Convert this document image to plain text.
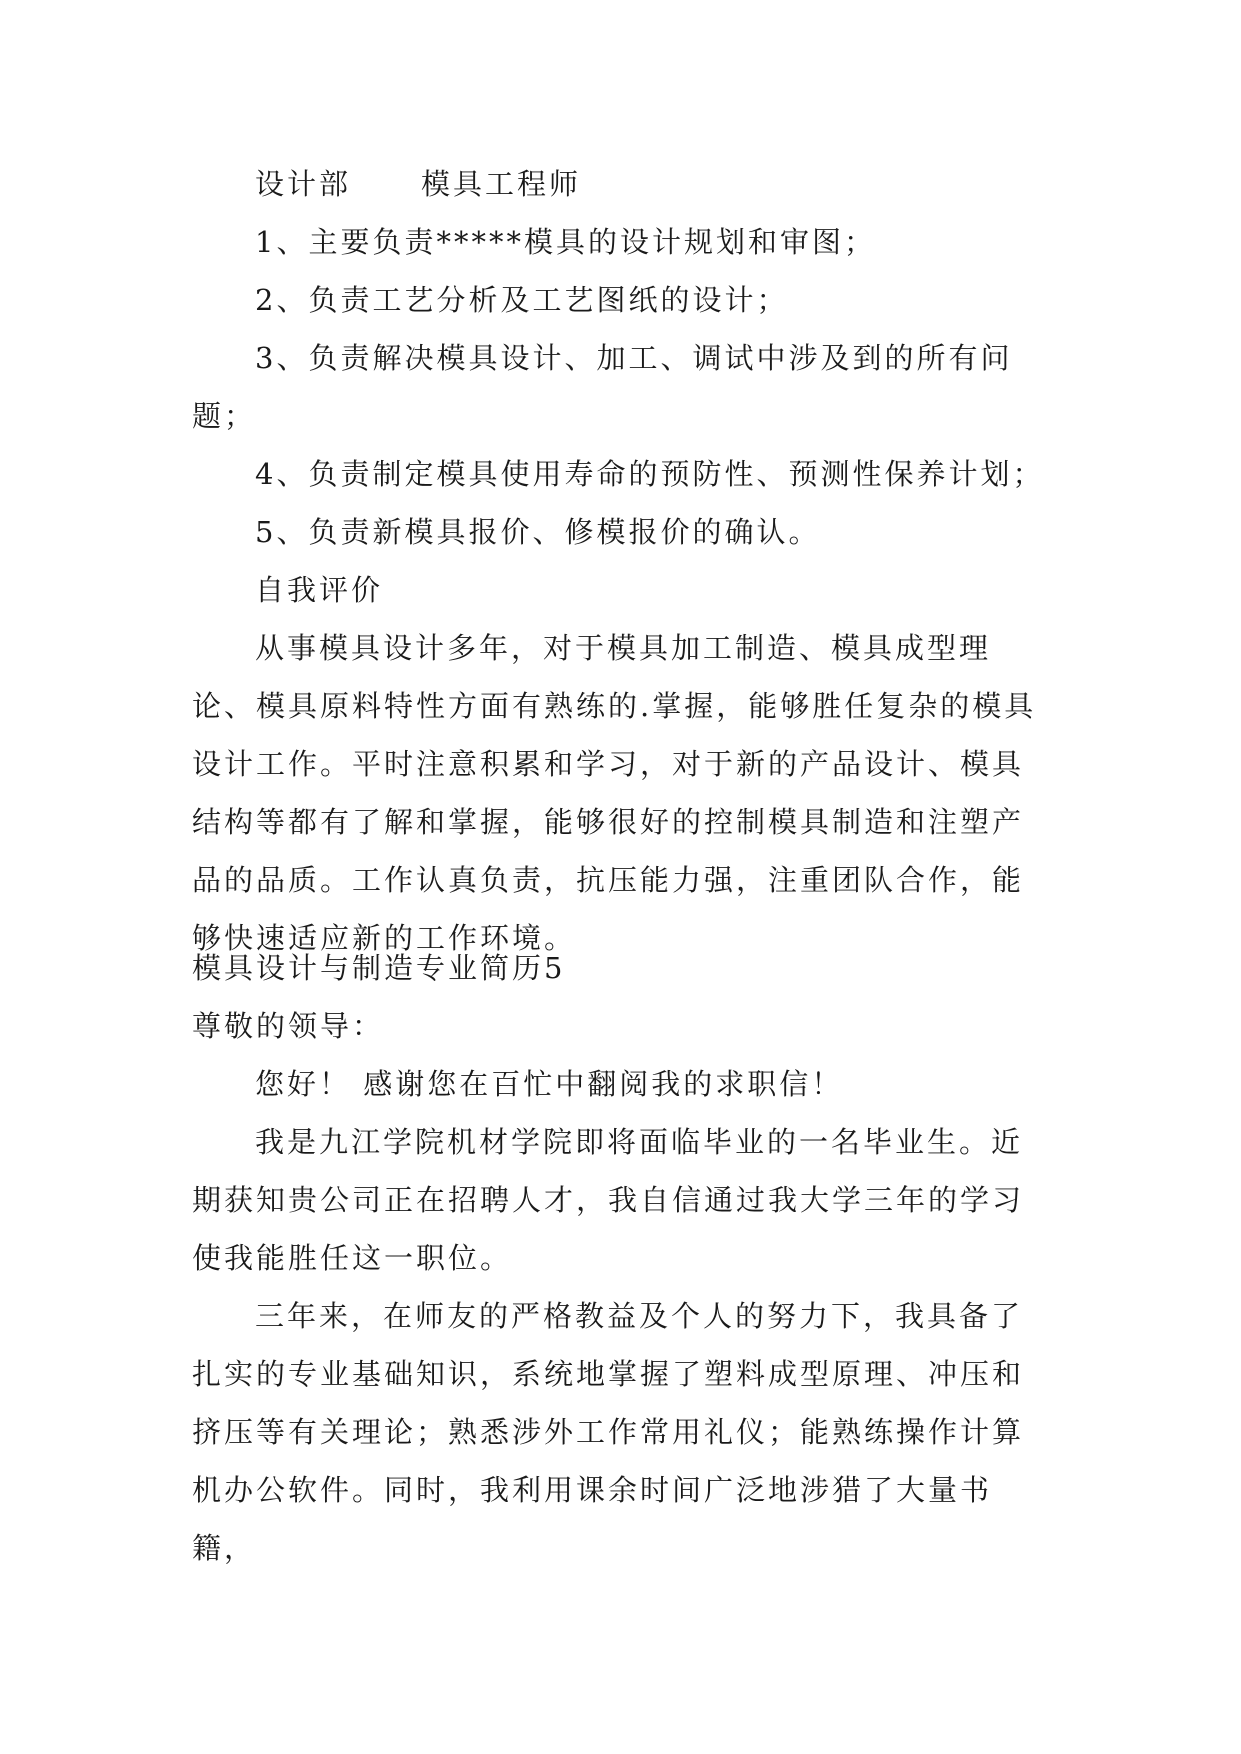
设计部 模具工程师
1、主要负责*****模具的设计规划和审图；
2、负责工艺分析及工艺图纸的设计；
3、负责解决模具设计、加工、调试中涉及到的所有问题；
4、负责制定模具使用寿命的预防性、预测性保养计划；
5、负责新模具报价、修模报价的确认。
自我评价
从事模具设计多年，对于模具加工制造、模具成型理论、模具原料特性方面有熟练的.掌握，能够胜任复杂的模具设计工作。平时注意积累和学习，对于新的产品设计、模具结构等都有了解和掌握，能够很好的控制模具制造和注塑产品的品质。工作认真负责，抗压能力强，注重团队合作，能够快速适应新的工作环境。
模具设计与制造专业简历5
尊敬的领导：
您好！ 感谢您在百忙中翻阅我的求职信！
我是九江学院机材学院即将面临毕业的一名毕业生。近期获知贵公司正在招聘人才，我自信通过我大学三年的学习使我能胜任这一职位。
三年来，在师友的严格教益及个人的努力下，我具备了扎实的专业基础知识，系统地掌握了塑料成型原理、冲压和挤压等有关理论；熟悉涉外工作常用礼仪；能熟练操作计算机办公软件。同时，我利用课余时间广泛地涉猎了大量书籍，
